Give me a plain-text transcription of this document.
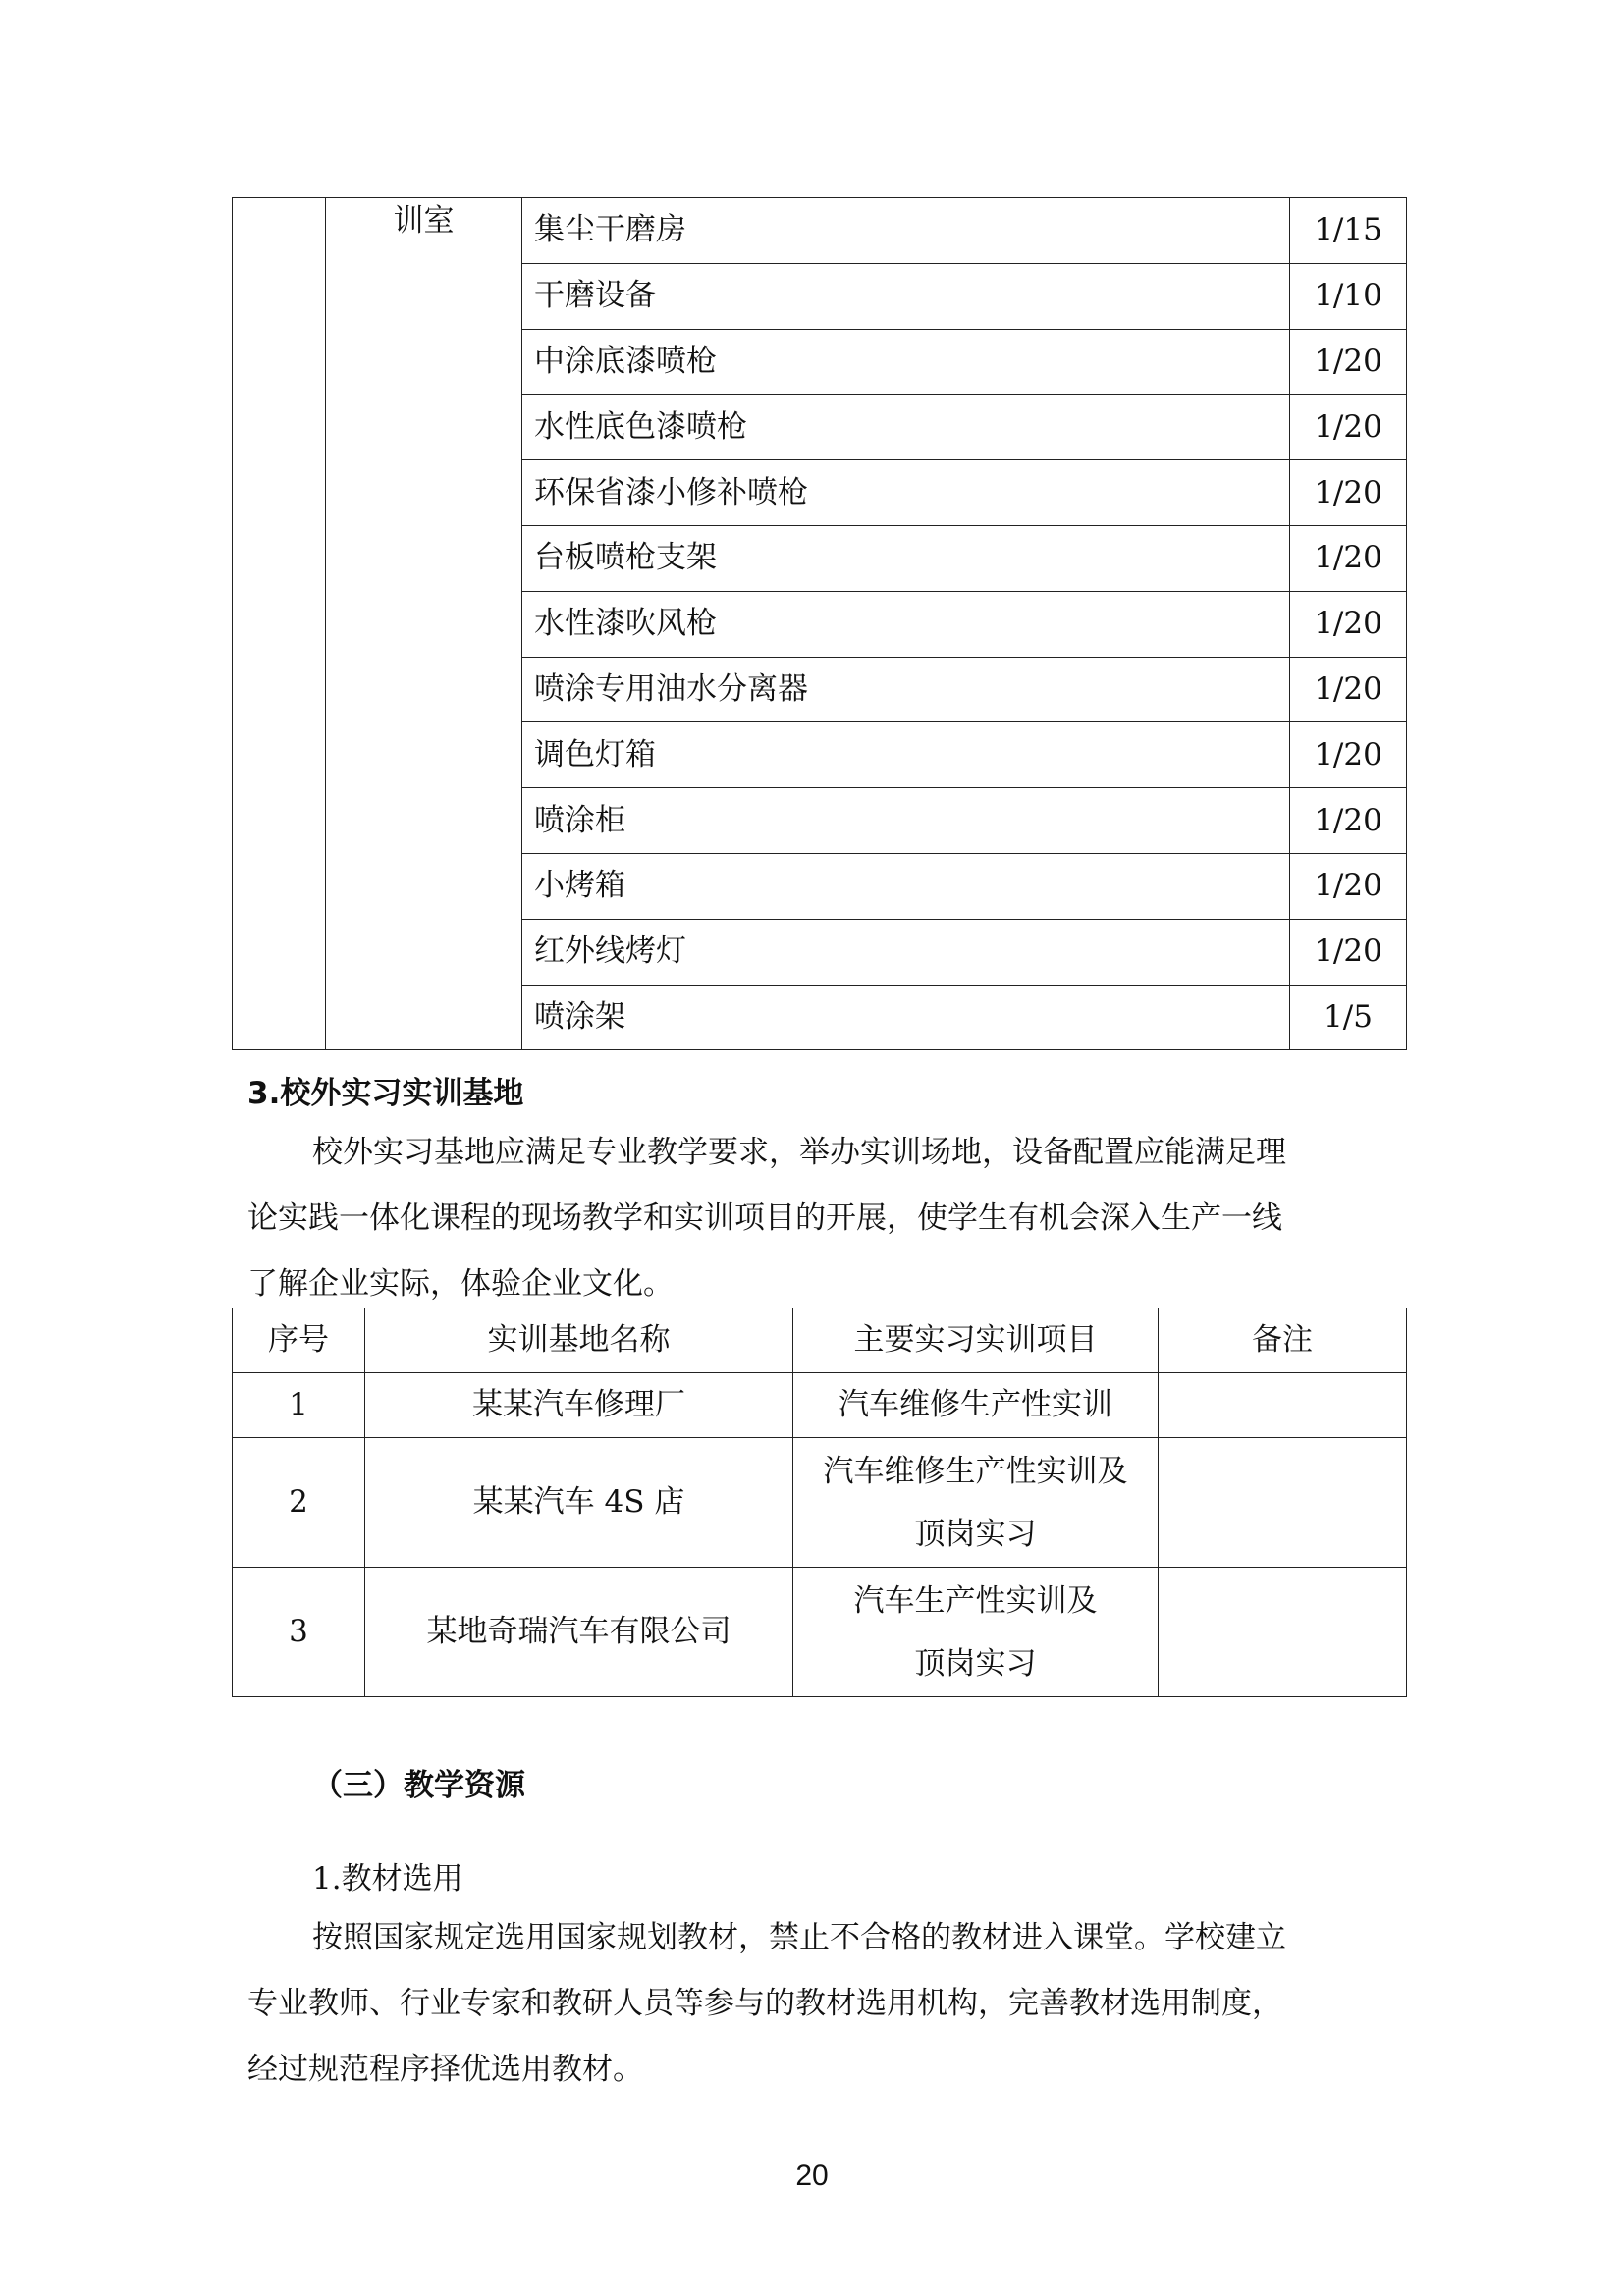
	训室	集尘干磨房	1/15
		干磨设备	1/10
		中涂底漆喷枪	1/20
		水性底色漆喷枪	1/20
		环保省漆小修补喷枪	1/20
		台板喷枪支架	1/20
		水性漆吹风枪	1/20
		喷涂专用油水分离器	1/20
		调色灯箱	1/20
		喷涂柜	1/20
		小烤箱	1/20
		红外线烤灯	1/20
		喷涂架	1/5
3.校外实习实训基地
校外实习基地应满足专业教学要求，举办实训场地，设备配置应能满足理
论实践一体化课程的现场教学和实训项目的开展，使学生有机会深入生产一线
了解企业实际，体验企业文化。
序号	实训基地名称	主要实习实训项目	备注
1	某某汽车修理厂	汽车维修生产性实训	

2	某某汽车 4S 店	汽车维修生产性实训及
顶岗实习	

3	某地奇瑞汽车有限公司	汽车生产性实训及
顶岗实习	

（三）教学资源
1.教材选用
按照国家规定选用国家规划教材，禁止不合格的教材进入课堂。学校建立
专业教师、行业专家和教研人员等参与的教材选用机构，完善教材选用制度，
经过规范程序择优选用教材。
20
